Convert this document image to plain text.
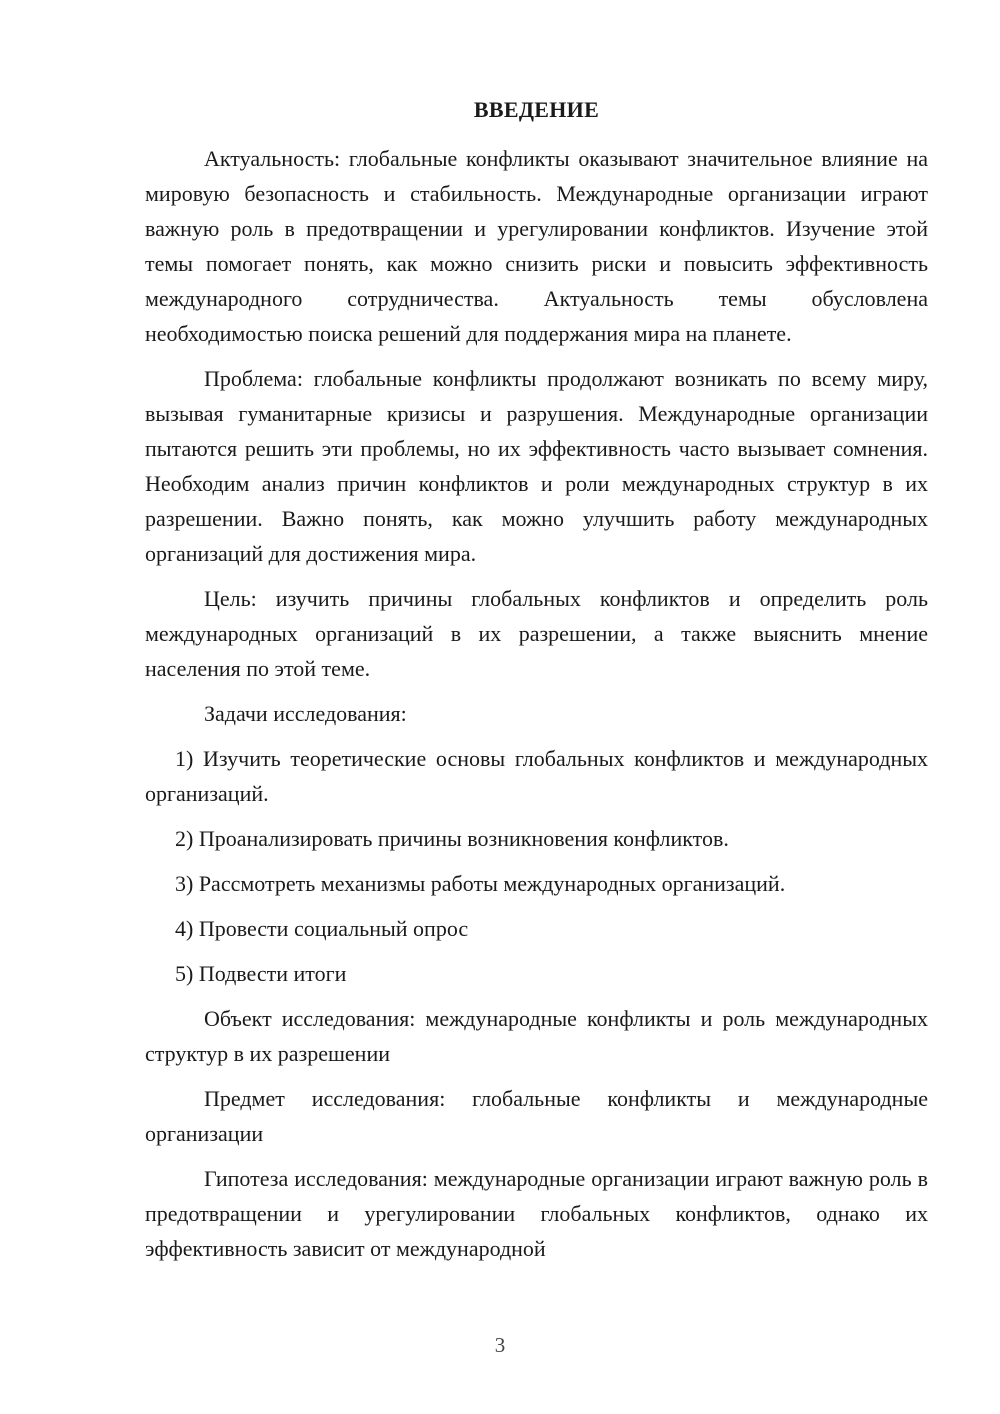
ВВЕДЕНИЕ

Актуальность: глобальные конфликты оказывают значительное влияние на мировую безопасность и стабильность. Международные организации играют важную роль в предотвращении и урегулировании конфликтов. Изучение этой темы помогает понять, как можно снизить риски и повысить эффективность международного сотрудничества. Актуальность темы обусловлена необходимостью поиска решений для поддержания мира на планете.

Проблема: глобальные конфликты продолжают возникать по всему миру, вызывая гуманитарные кризисы и разрушения. Международные организации пытаются решить эти проблемы, но их эффективность часто вызывает сомнения. Необходим анализ причин конфликтов и роли международных структур в их разрешении. Важно понять, как можно улучшить работу международных организаций для достижения мира.

Цель: изучить причины глобальных конфликтов и определить роль международных организаций в их разрешении, а также выяснить мнение населения по этой теме.

Задачи исследования:

1) Изучить теоретические основы глобальных конфликтов и международных организаций.

2) Проанализировать причины возникновения конфликтов.

3) Рассмотреть механизмы работы международных организаций.

4) Провести социальный опрос

5) Подвести итоги

Объект исследования: международные конфликты и роль международных структур в их разрешении

Предмет исследования: глобальные конфликты и международные организации

Гипотеза исследования: международные организации играют важную роль в предотвращении и урегулировании глобальных конфликтов, однако их эффективность зависит от международной

3
